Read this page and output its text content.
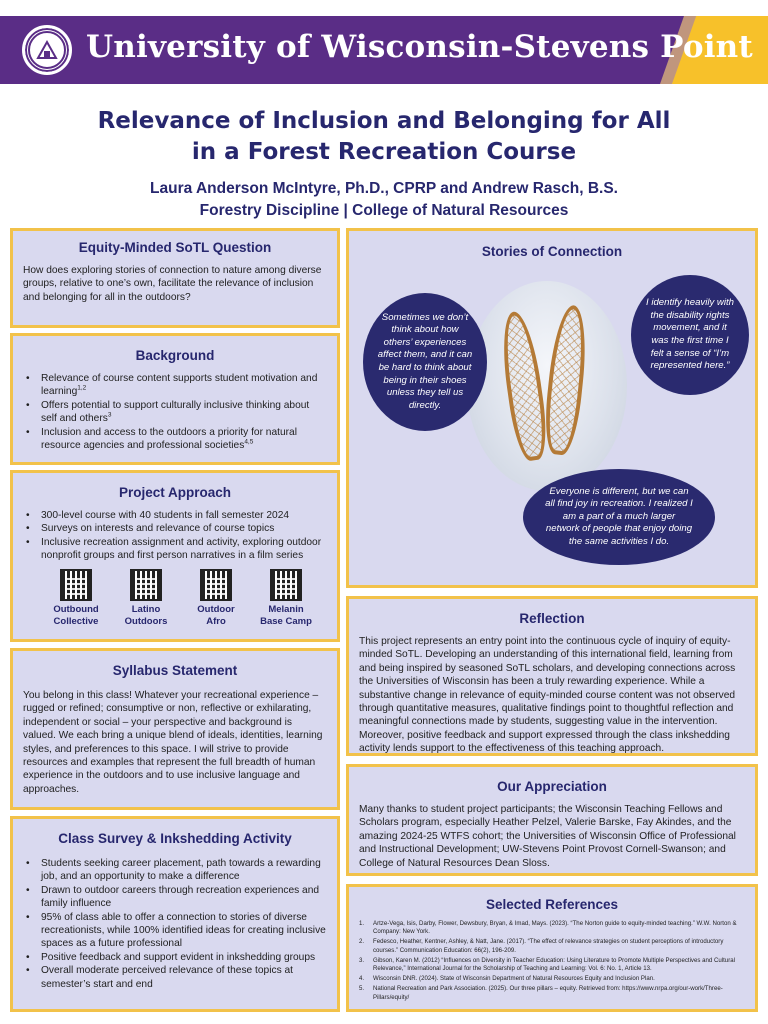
University of Wisconsin-Stevens Point
Relevance of Inclusion and Belonging for All
in a Forest Recreation Course
Laura Anderson McIntyre, Ph.D., CPRP and Andrew Rasch, B.S.
Forestry Discipline | College of Natural Resources
Equity-Minded SoTL Question

How does exploring stories of connection to nature among diverse groups, relative to one’s own, facilitate the relevance of inclusion and belonging for all in the outdoors?

Background
• Relevance of course content supports student motivation and learning$^{1,2}$
• Offers potential to support culturally inclusive thinking about self and others$^3$
• Inclusion and access to the outdoors a priority for natural resource agencies and professional societies$^{4,5}$
Project Approach
• 300-level course with 40 students in fall semester 2024
• Surveys on interests and relevance of course topics
• Inclusive recreation assignment and activity, exploring outdoor nonprofit groups and first person narratives in a film series
Outbound
Collective
Latino
Outdoors
Outdoor
Afro
Melanin
Base Camp
Syllabus Statement

You belong in this class! Whatever your recreational experience – rugged or refined; consumptive or non, reflective or exhilarating, independent or social – your perspective and background is valued. We each bring a unique blend of ideals, identities, learning styles, and preferences to this space. I will strive to provide resources and examples that represent the full breadth of human experience in the outdoors and to use inclusive language and approaches.

Class Survey & Inkshedding Activity
• Students seeking career placement, path towards a rewarding job, and an opportunity to make a difference
• Drawn to outdoor careers through recreation experiences and family influence
• 95% of class able to offer a connection to stories of diverse recreationists, while 100% identified ideas for creating inclusive spaces as a future professional
• Positive feedback and support evident in inkshedding groups
• Overall moderate perceived relevance of these topics at semester’s start and end
Stories of Connection
Sometimes we don’t think about how others’ experiences affect them, and it can be hard to think about being in their shoes unless they tell us directly.
I identify heavily with the disability rights movement, and it was the first time I felt a sense of “I’m represented here.”
Everyone is different, but we can all find joy in recreation. I realized I am a part of a much larger network of people that enjoy doing the same activities I do.
Reflection

This project represents an entry point into the continuous cycle of inquiry of equity-minded SoTL. Developing an understanding of this international field, learning from and being inspired by seasoned SoTL scholars, and developing connections across the Universities of Wisconsin has been a truly rewarding experience. While a substantive change in relevance of equity-minded course content was not observed through quantitative measures, qualitative findings point to thoughtful reflection and meaningful connections made by students, suggesting value in the intervention. Moreover, positive feedback and support expressed through the class inkshedding activity lends support to the effectiveness of this teaching approach.

Our Appreciation

Many thanks to student project participants; the Wisconsin Teaching Fellows and Scholars program, especially Heather Pelzel, Valerie Barske, Fay Akindes, and the amazing 2024-25 WTFS cohort; the Universities of Wisconsin Office of Professional and Instructional Development; UW-Stevens Point Provost Cornell-Swanson; and College of Natural Resources Dean Sloss.

Selected References
1. Artze-Vega, Isis, Darby, Flower, Dewsbury, Bryan, & Imad, Mays. (2023). “The Norton guide to equity-minded teaching.” W.W. Norton & Company: New York.
2. Fedesco, Heather, Kentner, Ashley, & Natt, Jane. (2017). “The effect of relevance strategies on student perceptions of introductory courses.” Communication Education: 66(2), 196-209.
3. Gibson, Karen M. (2012) “Influences on Diversity in Teacher Education: Using Literature to Promote Multiple Perspectives and Cultural Relevance,” International Journal for the Scholarship of Teaching and Learning: Vol. 6: No. 1, Article 13.
4. Wisconsin DNR. (2024). State of Wisconsin Department of Natural Resources Equity and Inclusion Plan.
5. National Recreation and Park Association. (2025). Our three pillars – equity. Retrieved from: https://www.nrpa.org/our-work/Three-Pillars/equity/
